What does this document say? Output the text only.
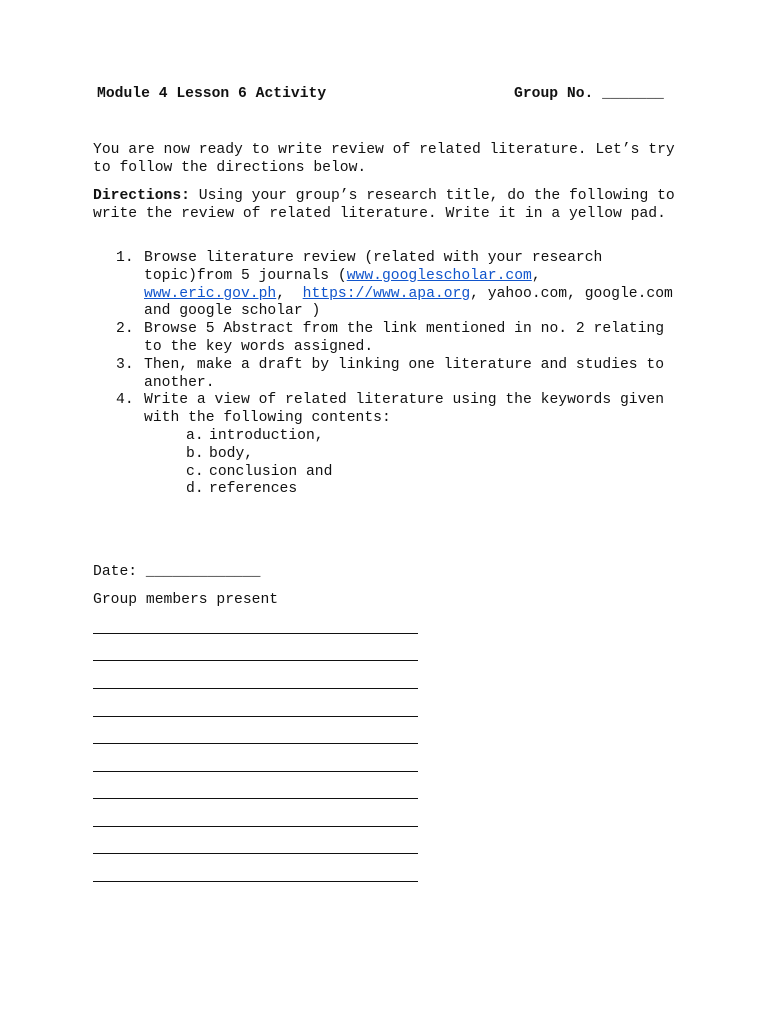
Module 4 Lesson 6 Activity	Group No. _______

You are now ready to write review of related literature. Let’s try to follow the directions below.

Directions: Using your group’s research title, do the following to write the review of related literature. Write it in a yellow pad.

1. Browse literature review (related with your research topic)from 5 journals (www.googlescholar.com, www.eric.gov.ph,  https://www.apa.org, yahoo.com, google.com and google scholar )
2. Browse 5 Abstract from the link mentioned in no. 2 relating to the key words assigned.
3. Then, make a draft by linking one literature and studies to another.
4. Write a view of related literature using the keywords given with the following contents:
a. introduction,
b. body,
c. conclusion and
d. references
Date: _____________
Group members present
